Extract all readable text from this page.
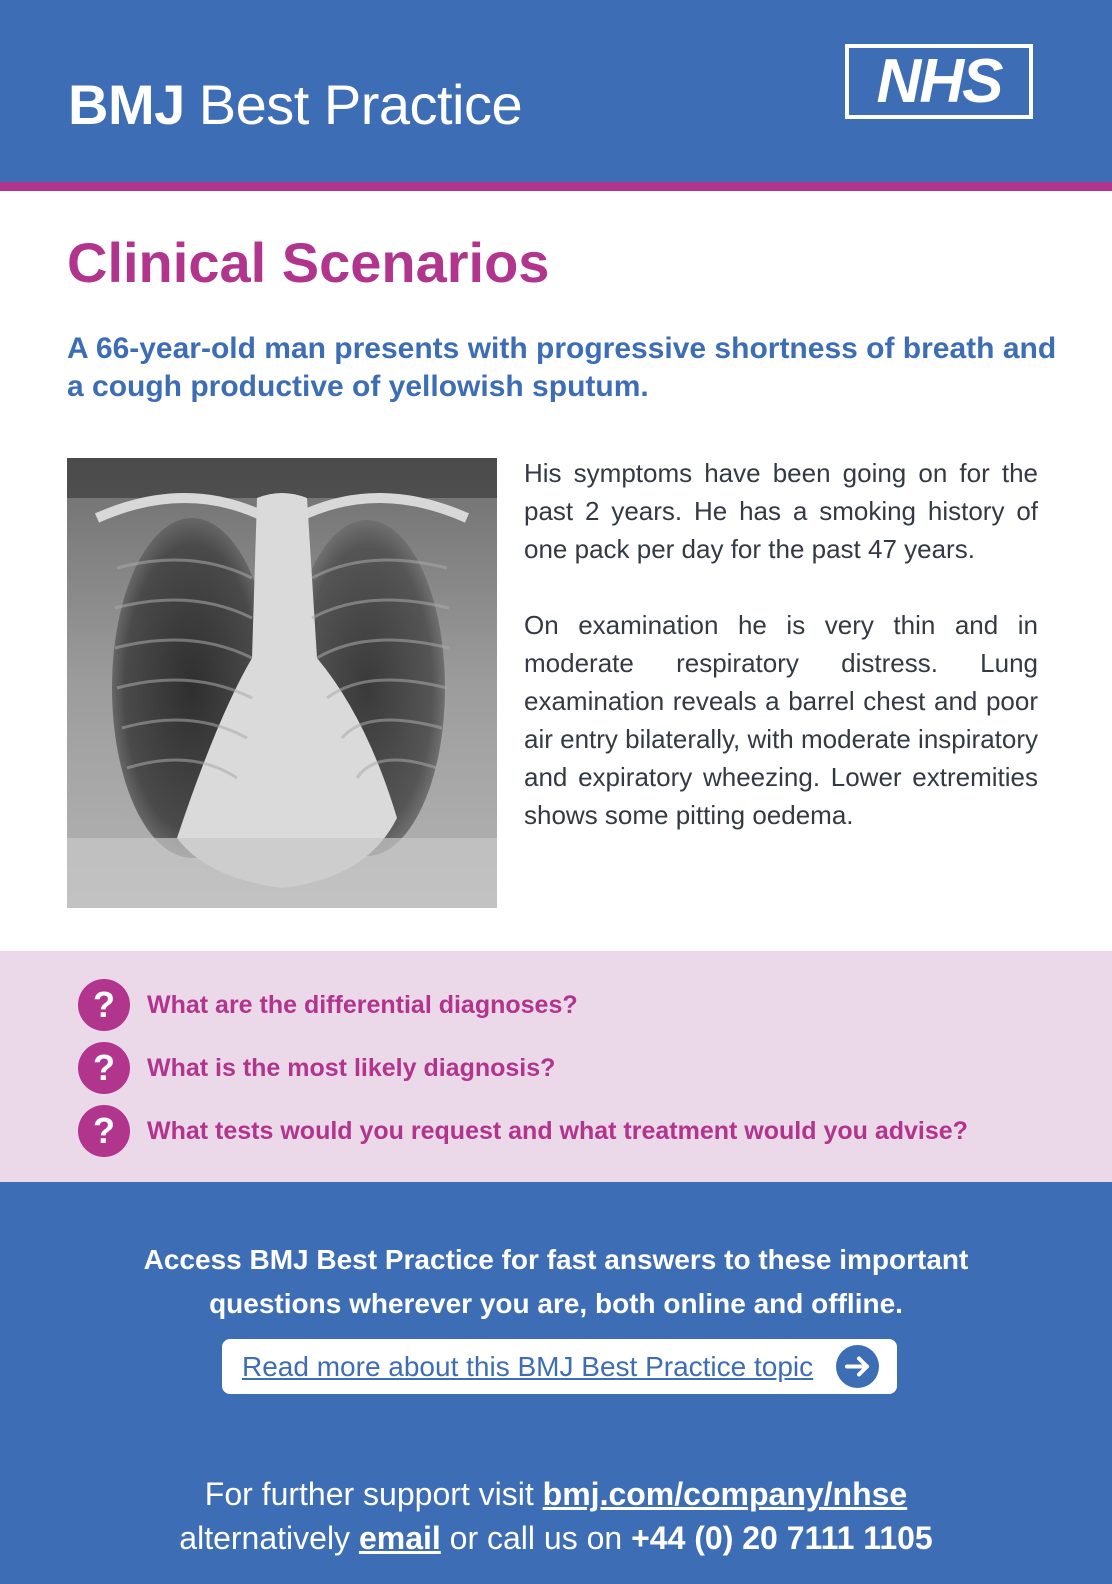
BMJ Best Practice	NHS
Clinical Scenarios

A 66-year-old man presents with progressive shortness of breath and a cough productive of yellowish sputum.

His symptoms have been going on for the past 2 years. He has a smoking history of one pack per day for the past 47 years.

On examination he is very thin and in moderate respiratory distress. Lung examination reveals a barrel chest and poor air entry bilaterally, with moderate inspiratory and expiratory wheezing. Lower extremities shows some pitting oedema.

?	What are the differential diagnoses?
?	What is the most likely diagnosis?
?	What tests would you request and what treatment would you advise?
Access BMJ Best Practice for fast answers to these important
questions wherever you are, both online and offline.
Read more about this BMJ Best Practice topic
For further support visit bmj.com/company/nhse
alternatively email or call us on +44 (0) 20 7111 1105
